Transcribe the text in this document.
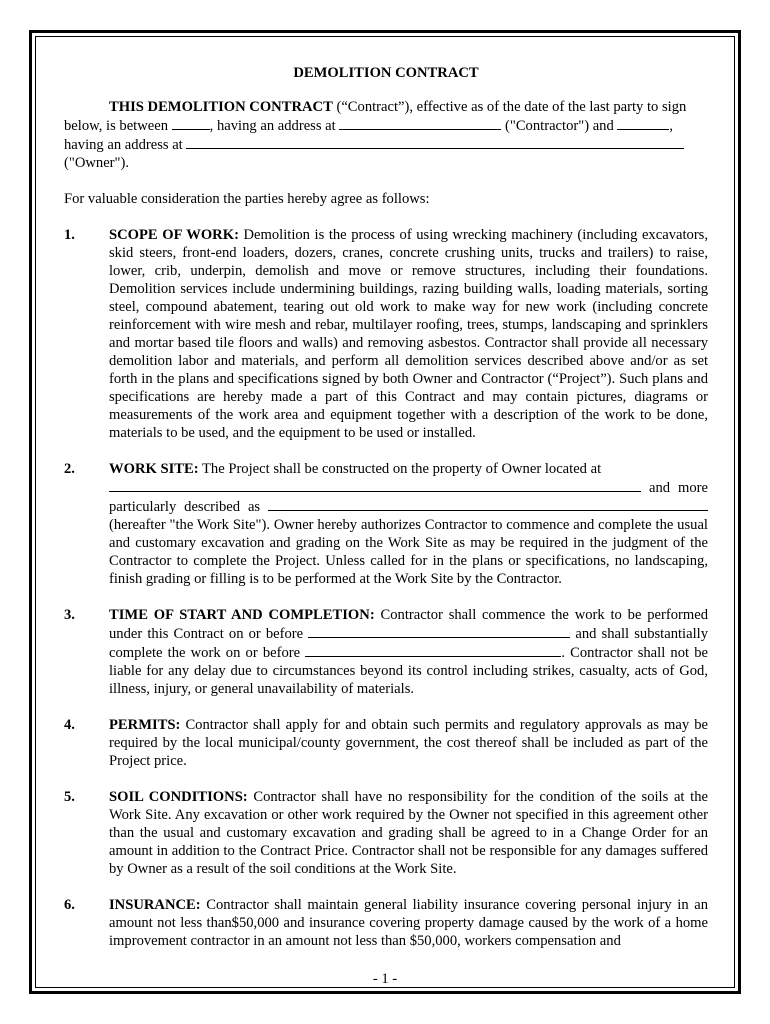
DEMOLITION CONTRACT

THIS DEMOLITION CONTRACT (“Contract”), effective as of the date of the last party to sign below, is between	, having an address at	("Contractor") and	, having an address at  ("Owner").

For valuable consideration the parties hereby agree as follows:

1. SCOPE OF WORK: Demolition is the process of using wrecking machinery (including excavators, skid steers, front-end loaders, dozers, cranes, concrete crushing units, trucks and trailers) to raise, lower, crib, underpin, demolish and move or remove structures, including their foundations. Demolition services include undermining buildings, razing building walls, loading materials, sorting steel, compound abatement, tearing out old work to make way for new work (including concrete reinforcement with wire mesh and rebar, multilayer roofing, trees, stumps, landscaping and sprinklers and mortar based tile floors and walls) and removing asbestos. Contractor shall provide all necessary demolition labor and materials, and perform all demolition services described above and/or as set forth in the plans and specifications signed by both Owner and Contractor (“Project”). Such plans and specifications are hereby made a part of this Contract and may contain pictures, diagrams or measurements of the work area and equipment together with a description of the work to be done, materials to be used, and the equipment to be used or installed.
2. WORK SITE: The Project shall be constructed on the property of Owner located at
and more particularly described as  (hereafter "the Work Site"). Owner hereby authorizes Contractor to commence and complete the usual and customary excavation and grading on the Work Site as may be required in the judgment of the Contractor to complete the Project. Unless called for in the plans or specifications, no landscaping, finish grading or filling is to be performed at the Work Site by the Contractor.
3. TIME OF START AND COMPLETION: Contractor shall commence the work to be performed under this Contract on or before	and shall substantially complete the work on or before	. Contractor shall not be liable for any delay due to circumstances beyond its control including strikes, casualty, acts of God, illness, injury, or general unavailability of materials.
4. PERMITS: Contractor shall apply for and obtain such permits and regulatory approvals as may be required by the local municipal/county government, the cost thereof shall be included as part of the Project price.
5. SOIL CONDITIONS: Contractor shall have no responsibility for the condition of the soils at the Work Site. Any excavation or other work required by the Owner not specified in this agreement other than the usual and customary excavation and grading shall be agreed to in a Change Order for an amount in addition to the Contract Price. Contractor shall not be responsible for any damages suffered by Owner as a result of the soil conditions at the Work Site.
6. INSURANCE: Contractor shall maintain general liability insurance covering personal injury in an amount not less than$50,000 and insurance covering property damage caused by the work of a home improvement contractor in an amount not less than $50,000, workers compensation and
- 1 -
